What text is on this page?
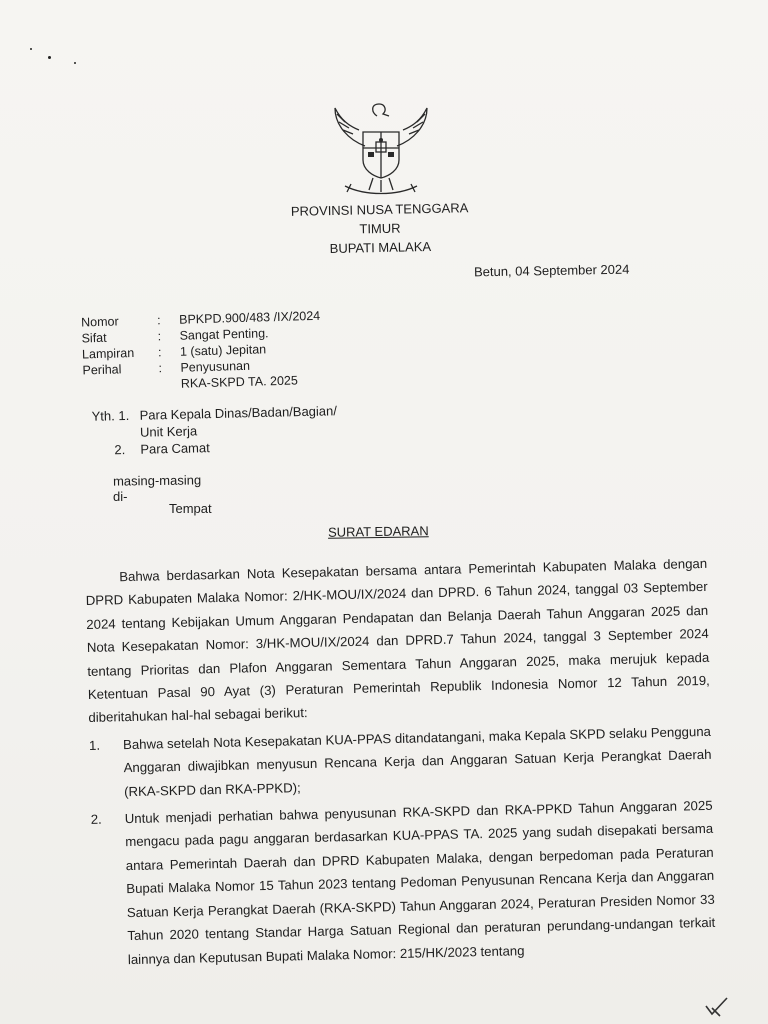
PROVINSI NUSA TENGGARA TIMUR
BUPATI MALAKA
Betun, 04 September 2024
Nomor	:	BPKPD.900/483 /IX/2024
Sifat	:	Sangat Penting.
Lampiran	:	1 (satu) Jepitan
Perihal	:	Penyusunan
RKA-SKPD TA. 2025
Yth. 1. Para Kepala Dinas/Badan/Bagian/
Unit Kerja
2.	Para Camat
masing-masing
di-
Tempat
SURAT EDARAN

Bahwa berdasarkan Nota Kesepakatan bersama antara Pemerintah Kabupaten Malaka dengan DPRD Kabupaten Malaka Nomor: 2/HK-MOU/IX/2024 dan DPRD. 6 Tahun 2024, tanggal 03 September 2024 tentang Kebijakan Umum Anggaran Pendapatan dan Belanja Daerah Tahun Anggaran 2025 dan Nota Kesepakatan Nomor: 3/HK-MOU/IX/2024 dan DPRD.7 Tahun 2024, tanggal 3 September 2024 tentang Prioritas dan Plafon Anggaran Sementara Tahun Anggaran 2025, maka merujuk kepada Ketentuan Pasal 90 Ayat (3) Peraturan Pemerintah Republik Indonesia Nomor 12 Tahun 2019, diberitahukan hal-hal sebagai berikut:

1.	Bahwa setelah Nota Kesepakatan KUA-PPAS ditandatangani, maka Kepala SKPD selaku Pengguna Anggaran diwajibkan menyusun Rencana Kerja dan Anggaran Satuan Kerja Perangkat Daerah (RKA-SKPD dan RKA-PPKD);
2.	Untuk menjadi perhatian bahwa penyusunan RKA-SKPD dan RKA-PPKD Tahun Anggaran 2025 mengacu pada pagu anggaran berdasarkan KUA-PPAS TA. 2025 yang sudah disepakati bersama antara Pemerintah Daerah dan DPRD Kabupaten Malaka, dengan berpedoman pada Peraturan Bupati Malaka Nomor 15 Tahun 2023 tentang Pedoman Penyusunan Rencana Kerja dan Anggaran Satuan Kerja Perangkat Daerah (RKA-SKPD) Tahun Anggaran 2024, Peraturan Presiden Nomor 33 Tahun 2020 tentang Standar Harga Satuan Regional dan peraturan perundang-undangan terkait lainnya dan Keputusan Bupati Malaka Nomor: 215/HK/2023 tentang
